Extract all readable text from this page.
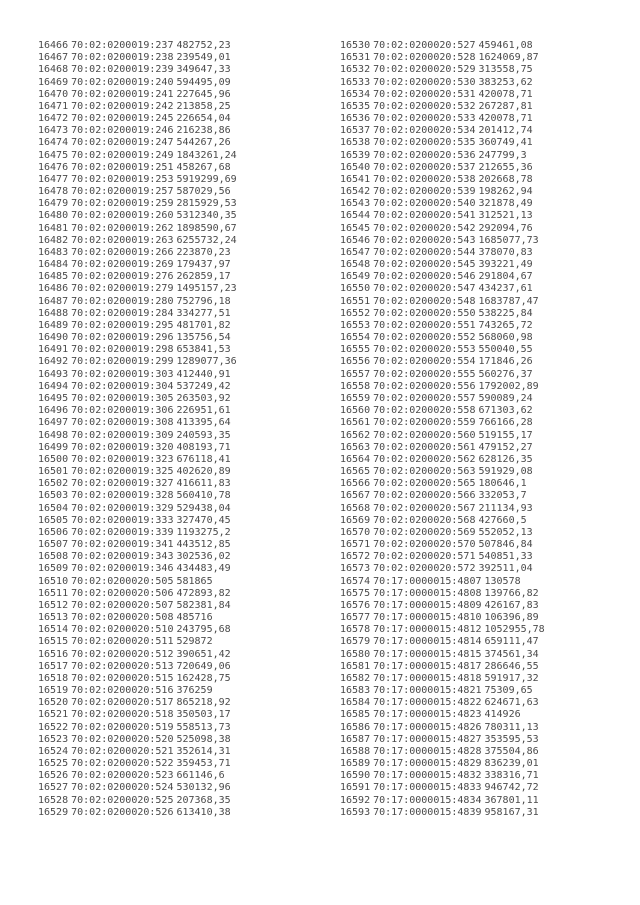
16466 70:02:0200019:237 482752,23
16467 70:02:0200019:238 239549,01
16468 70:02:0200019:239 349647,33
16469 70:02:0200019:240 594495,09
16470 70:02:0200019:241 227645,96
16471 70:02:0200019:242 213858,25
16472 70:02:0200019:245 226654,04
16473 70:02:0200019:246 216238,86
16474 70:02:0200019:247 544267,26
16475 70:02:0200019:249 1843261,24
16476 70:02:0200019:251 458267,68
16477 70:02:0200019:253 5919299,69
16478 70:02:0200019:257 587029,56
16479 70:02:0200019:259 2815929,53
16480 70:02:0200019:260 5312340,35
16481 70:02:0200019:262 1898590,67
16482 70:02:0200019:263 6255732,24
16483 70:02:0200019:266 223870,23
16484 70:02:0200019:269 179437,97
16485 70:02:0200019:276 262859,17
16486 70:02:0200019:279 1495157,23
16487 70:02:0200019:280 752796,18
16488 70:02:0200019:284 334277,51
16489 70:02:0200019:295 481701,82
16490 70:02:0200019:296 135756,54
16491 70:02:0200019:298 653841,53
16492 70:02:0200019:299 1289077,36
16493 70:02:0200019:303 412440,91
16494 70:02:0200019:304 537249,42
16495 70:02:0200019:305 263503,92
16496 70:02:0200019:306 226951,61
16497 70:02:0200019:308 413395,64
16498 70:02:0200019:309 240593,35
16499 70:02:0200019:320 408193,71
16500 70:02:0200019:323 676118,41
16501 70:02:0200019:325 402620,89
16502 70:02:0200019:327 416611,83
16503 70:02:0200019:328 560410,78
16504 70:02:0200019:329 529438,04
16505 70:02:0200019:333 327470,45
16506 70:02:0200019:339 1193275,2
16507 70:02:0200019:341 443512,85
16508 70:02:0200019:343 302536,02
16509 70:02:0200019:346 434483,49
16510 70:02:0200020:505 581865
16511 70:02:0200020:506 472893,82
16512 70:02:0200020:507 582381,84
16513 70:02:0200020:508 485716
16514 70:02:0200020:510 243795,68
16515 70:02:0200020:511 529872
16516 70:02:0200020:512 390651,42
16517 70:02:0200020:513 720649,06
16518 70:02:0200020:515 162428,75
16519 70:02:0200020:516 376259
16520 70:02:0200020:517 865218,92
16521 70:02:0200020:518 350503,17
16522 70:02:0200020:519 558513,73
16523 70:02:0200020:520 525098,38
16524 70:02:0200020:521 352614,31
16525 70:02:0200020:522 359453,71
16526 70:02:0200020:523 661146,6
16527 70:02:0200020:524 530132,96
16528 70:02:0200020:525 207368,35
16529 70:02:0200020:526 613410,38
16530 70:02:0200020:527 459461,08
16531 70:02:0200020:528 1624069,87
16532 70:02:0200020:529 313558,75
16533 70:02:0200020:530 383253,62
16534 70:02:0200020:531 420078,71
16535 70:02:0200020:532 267287,81
16536 70:02:0200020:533 420078,71
16537 70:02:0200020:534 201412,74
16538 70:02:0200020:535 360749,41
16539 70:02:0200020:536 247799,3
16540 70:02:0200020:537 212655,36
16541 70:02:0200020:538 202668,78
16542 70:02:0200020:539 198262,94
16543 70:02:0200020:540 321878,49
16544 70:02:0200020:541 312521,13
16545 70:02:0200020:542 292094,76
16546 70:02:0200020:543 1685077,73
16547 70:02:0200020:544 378070,83
16548 70:02:0200020:545 393221,49
16549 70:02:0200020:546 291804,67
16550 70:02:0200020:547 434237,61
16551 70:02:0200020:548 1683787,47
16552 70:02:0200020:550 538225,84
16553 70:02:0200020:551 743265,72
16554 70:02:0200020:552 568060,98
16555 70:02:0200020:553 550040,55
16556 70:02:0200020:554 171846,26
16557 70:02:0200020:555 560276,37
16558 70:02:0200020:556 1792002,89
16559 70:02:0200020:557 590089,24
16560 70:02:0200020:558 671303,62
16561 70:02:0200020:559 766166,28
16562 70:02:0200020:560 519155,17
16563 70:02:0200020:561 479152,27
16564 70:02:0200020:562 628126,35
16565 70:02:0200020:563 591929,08
16566 70:02:0200020:565 180646,1
16567 70:02:0200020:566 332053,7
16568 70:02:0200020:567 211134,93
16569 70:02:0200020:568 427660,5
16570 70:02:0200020:569 552052,13
16571 70:02:0200020:570 507846,84
16572 70:02:0200020:571 540851,33
16573 70:02:0200020:572 392511,04
16574 70:17:0000015:4807 130578
16575 70:17:0000015:4808 139766,82
16576 70:17:0000015:4809 426167,83
16577 70:17:0000015:4810 106396,89
16578 70:17:0000015:4812 1052955,78
16579 70:17:0000015:4814 659111,47
16580 70:17:0000015:4815 374561,34
16581 70:17:0000015:4817 286646,55
16582 70:17:0000015:4818 591917,32
16583 70:17:0000015:4821 75309,65
16584 70:17:0000015:4822 624671,63
16585 70:17:0000015:4823 414926
16586 70:17:0000015:4826 780311,13
16587 70:17:0000015:4827 353595,53
16588 70:17:0000015:4828 375504,86
16589 70:17:0000015:4829 836239,01
16590 70:17:0000015:4832 338316,71
16591 70:17:0000015:4833 946742,72
16592 70:17:0000015:4834 367801,11
16593 70:17:0000015:4839 958167,31
